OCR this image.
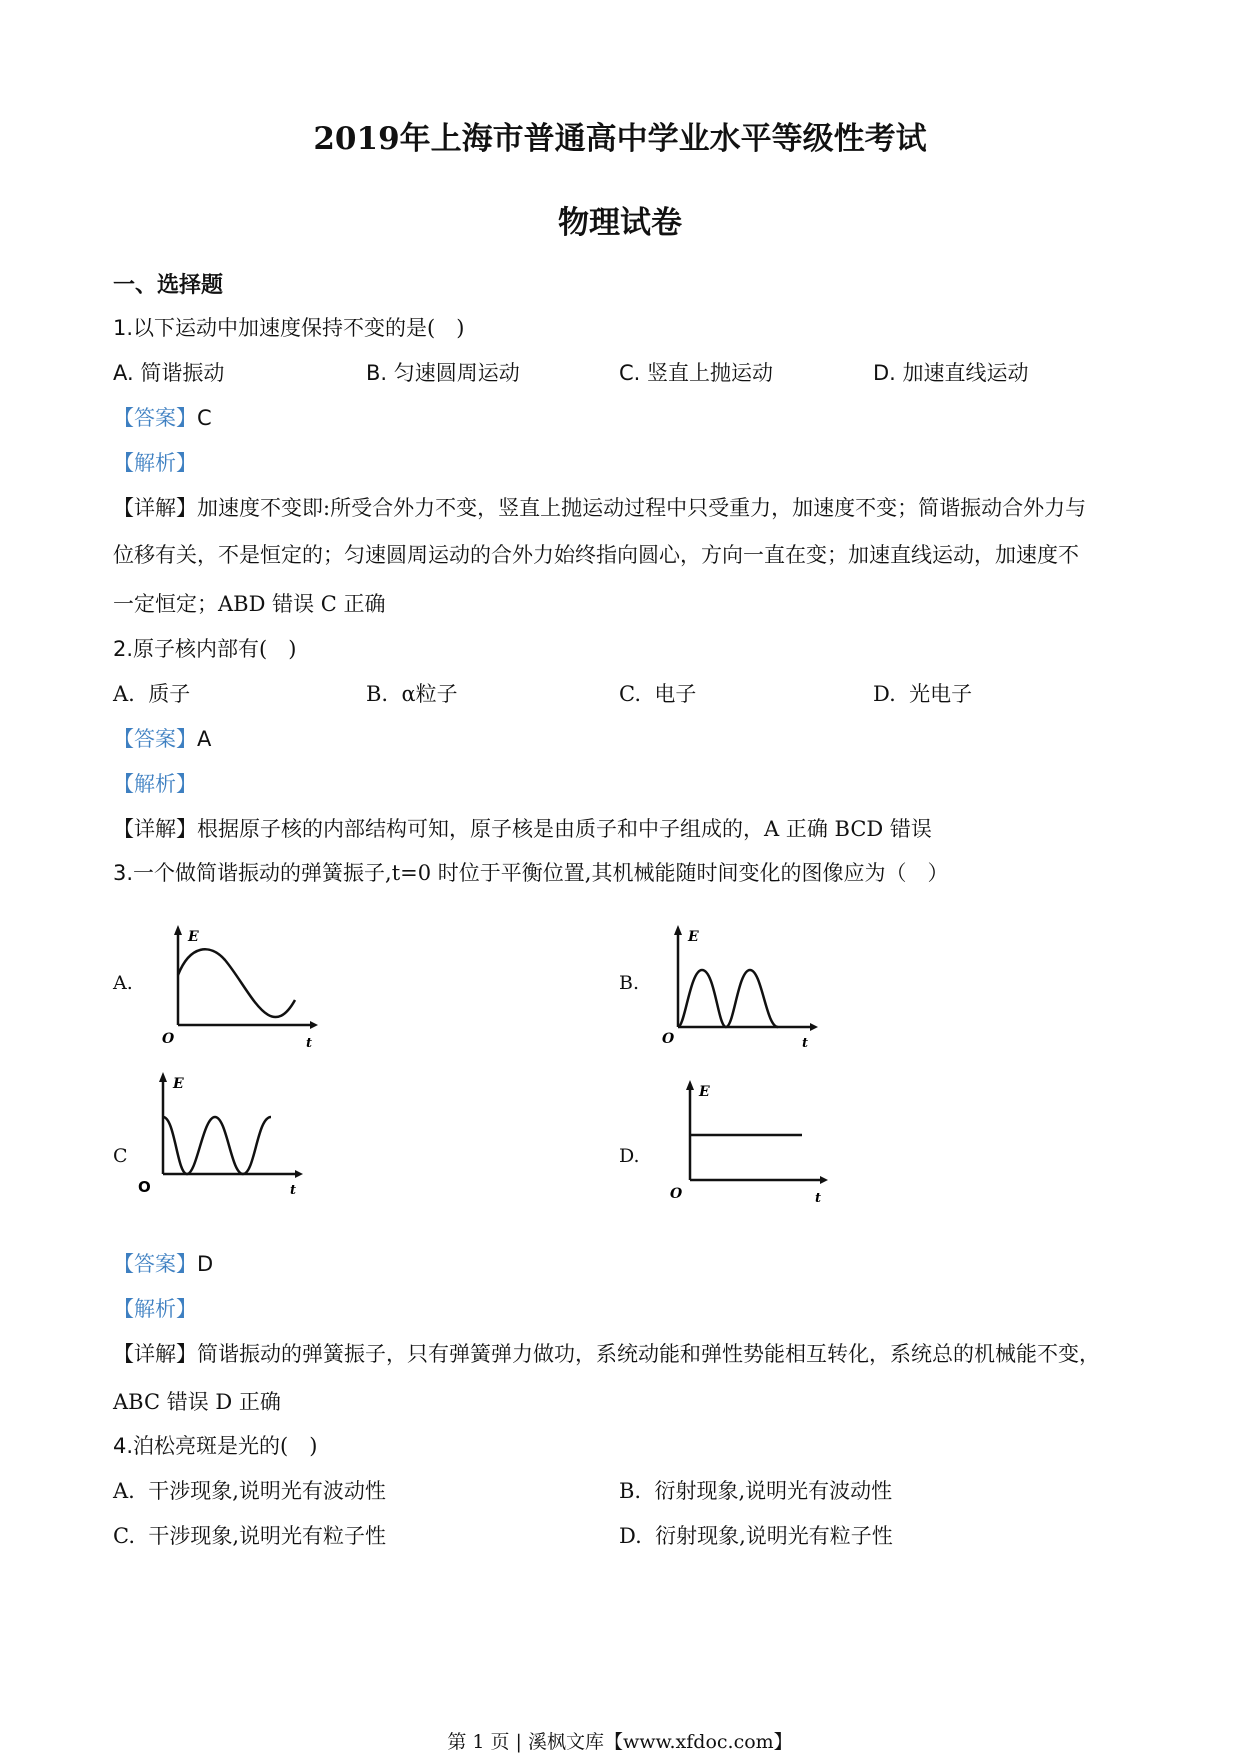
2019年上海市普通高中学业水平等级性考试
物理试卷
一、选择题
1.以下运动中加速度保持不变的是(　)
A. 简谐振动	B. 匀速圆周运动	C. 竖直上抛运动	D. 加速直线运动
【答案】C
【解析】
【详解】加速度不变即:所受合外力不变，竖直上抛运动过程中只受重力，加速度不变；简谐振动合外力与
位移有关，不是恒定的；匀速圆周运动的合外力始终指向圆心，方向一直在变；加速直线运动，加速度不
一定恒定；ABD 错误 C 正确
2.原子核内部有(　)
A. 质子	B. α粒子	C. 电子	D. 光电子
【答案】A
【解析】
【详解】根据原子核的内部结构可知，原子核是由质子和中子组成的，A 正确 BCD 错误
3.一个做简谐振动的弹簧振子,t=0 时位于平衡位置,其机械能随时间变化的图像应为（　）
A.
E
O	t
B.
E
O	t
C
E
O	t
D.
E
O	t
【答案】D
【解析】
【详解】简谐振动的弹簧振子，只有弹簧弹力做功，系统动能和弹性势能相互转化，系统总的机械能不变，
ABC 错误 D 正确
4.泊松亮斑是光的(　)
A. 干涉现象,说明光有波动性	B. 衍射现象,说明光有波动性
C. 干涉现象,说明光有粒子性	D. 衍射现象,说明光有粒子性
第 1 页 | 溪枫文库【www.xfdoc.com】
